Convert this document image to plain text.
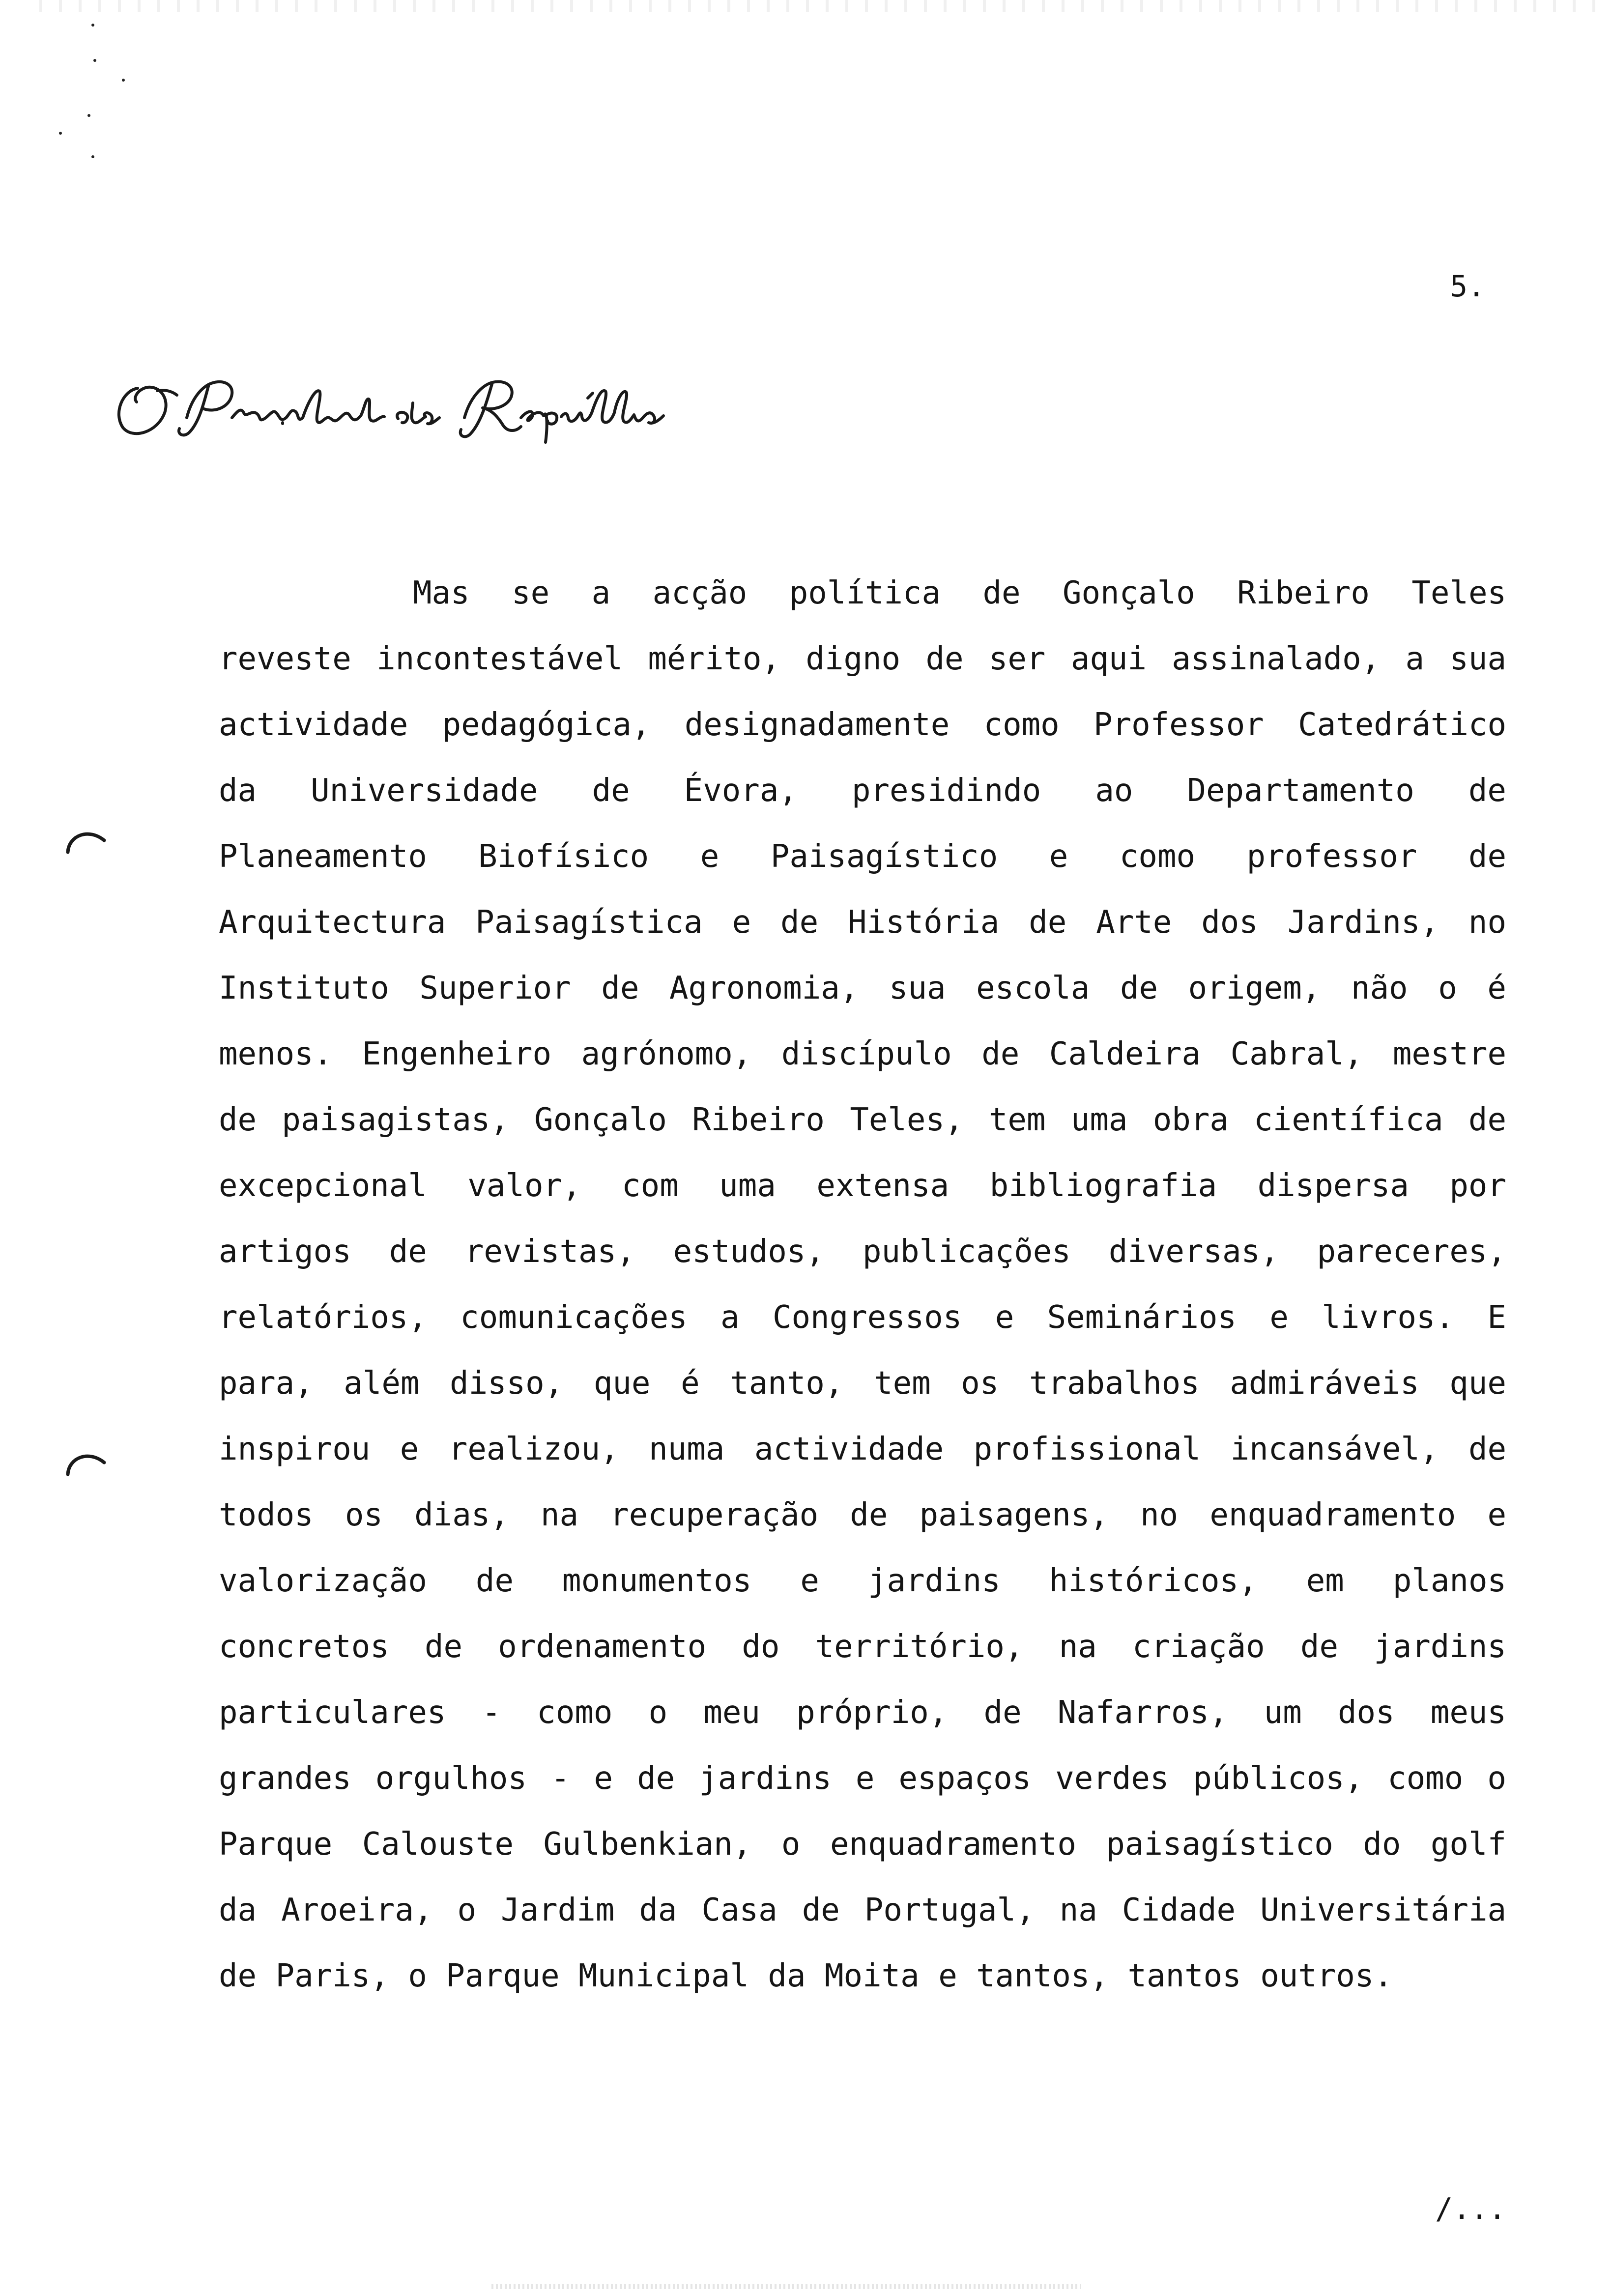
5.
Mas se a acção política de Gonçalo Ribeiro Teles
reveste incontestável mérito, digno de ser aqui assinalado, a sua
actividade pedagógica, designadamente como Professor Catedrático
da Universidade de Évora, presidindo ao Departamento de
Planeamento Biofísico e Paisagístico e como professor de
Arquitectura Paisagística e de História de Arte dos Jardins, no
Instituto Superior de Agronomia, sua escola de origem, não o é
menos. Engenheiro agrónomo, discípulo de Caldeira Cabral, mestre
de paisagistas, Gonçalo Ribeiro Teles, tem uma obra científica de
excepcional valor, com uma extensa bibliografia dispersa por
artigos de revistas, estudos, publicações diversas, pareceres,
relatórios, comunicações a Congressos e Seminários e livros. E
para, além disso, que é tanto, tem os trabalhos admiráveis que
inspirou e realizou, numa actividade profissional incansável, de
todos os dias, na recuperação de paisagens, no enquadramento e
valorização de monumentos e jardins históricos, em planos
concretos de ordenamento do território, na criação de jardins
particulares - como o meu próprio, de Nafarros, um dos meus
grandes orgulhos - e de jardins e espaços verdes públicos, como o
Parque Calouste Gulbenkian, o enquadramento paisagístico do golf
da Aroeira, o Jardim da Casa de Portugal, na Cidade Universitária
de Paris, o Parque Municipal da Moita e tantos, tantos outros.
/...
